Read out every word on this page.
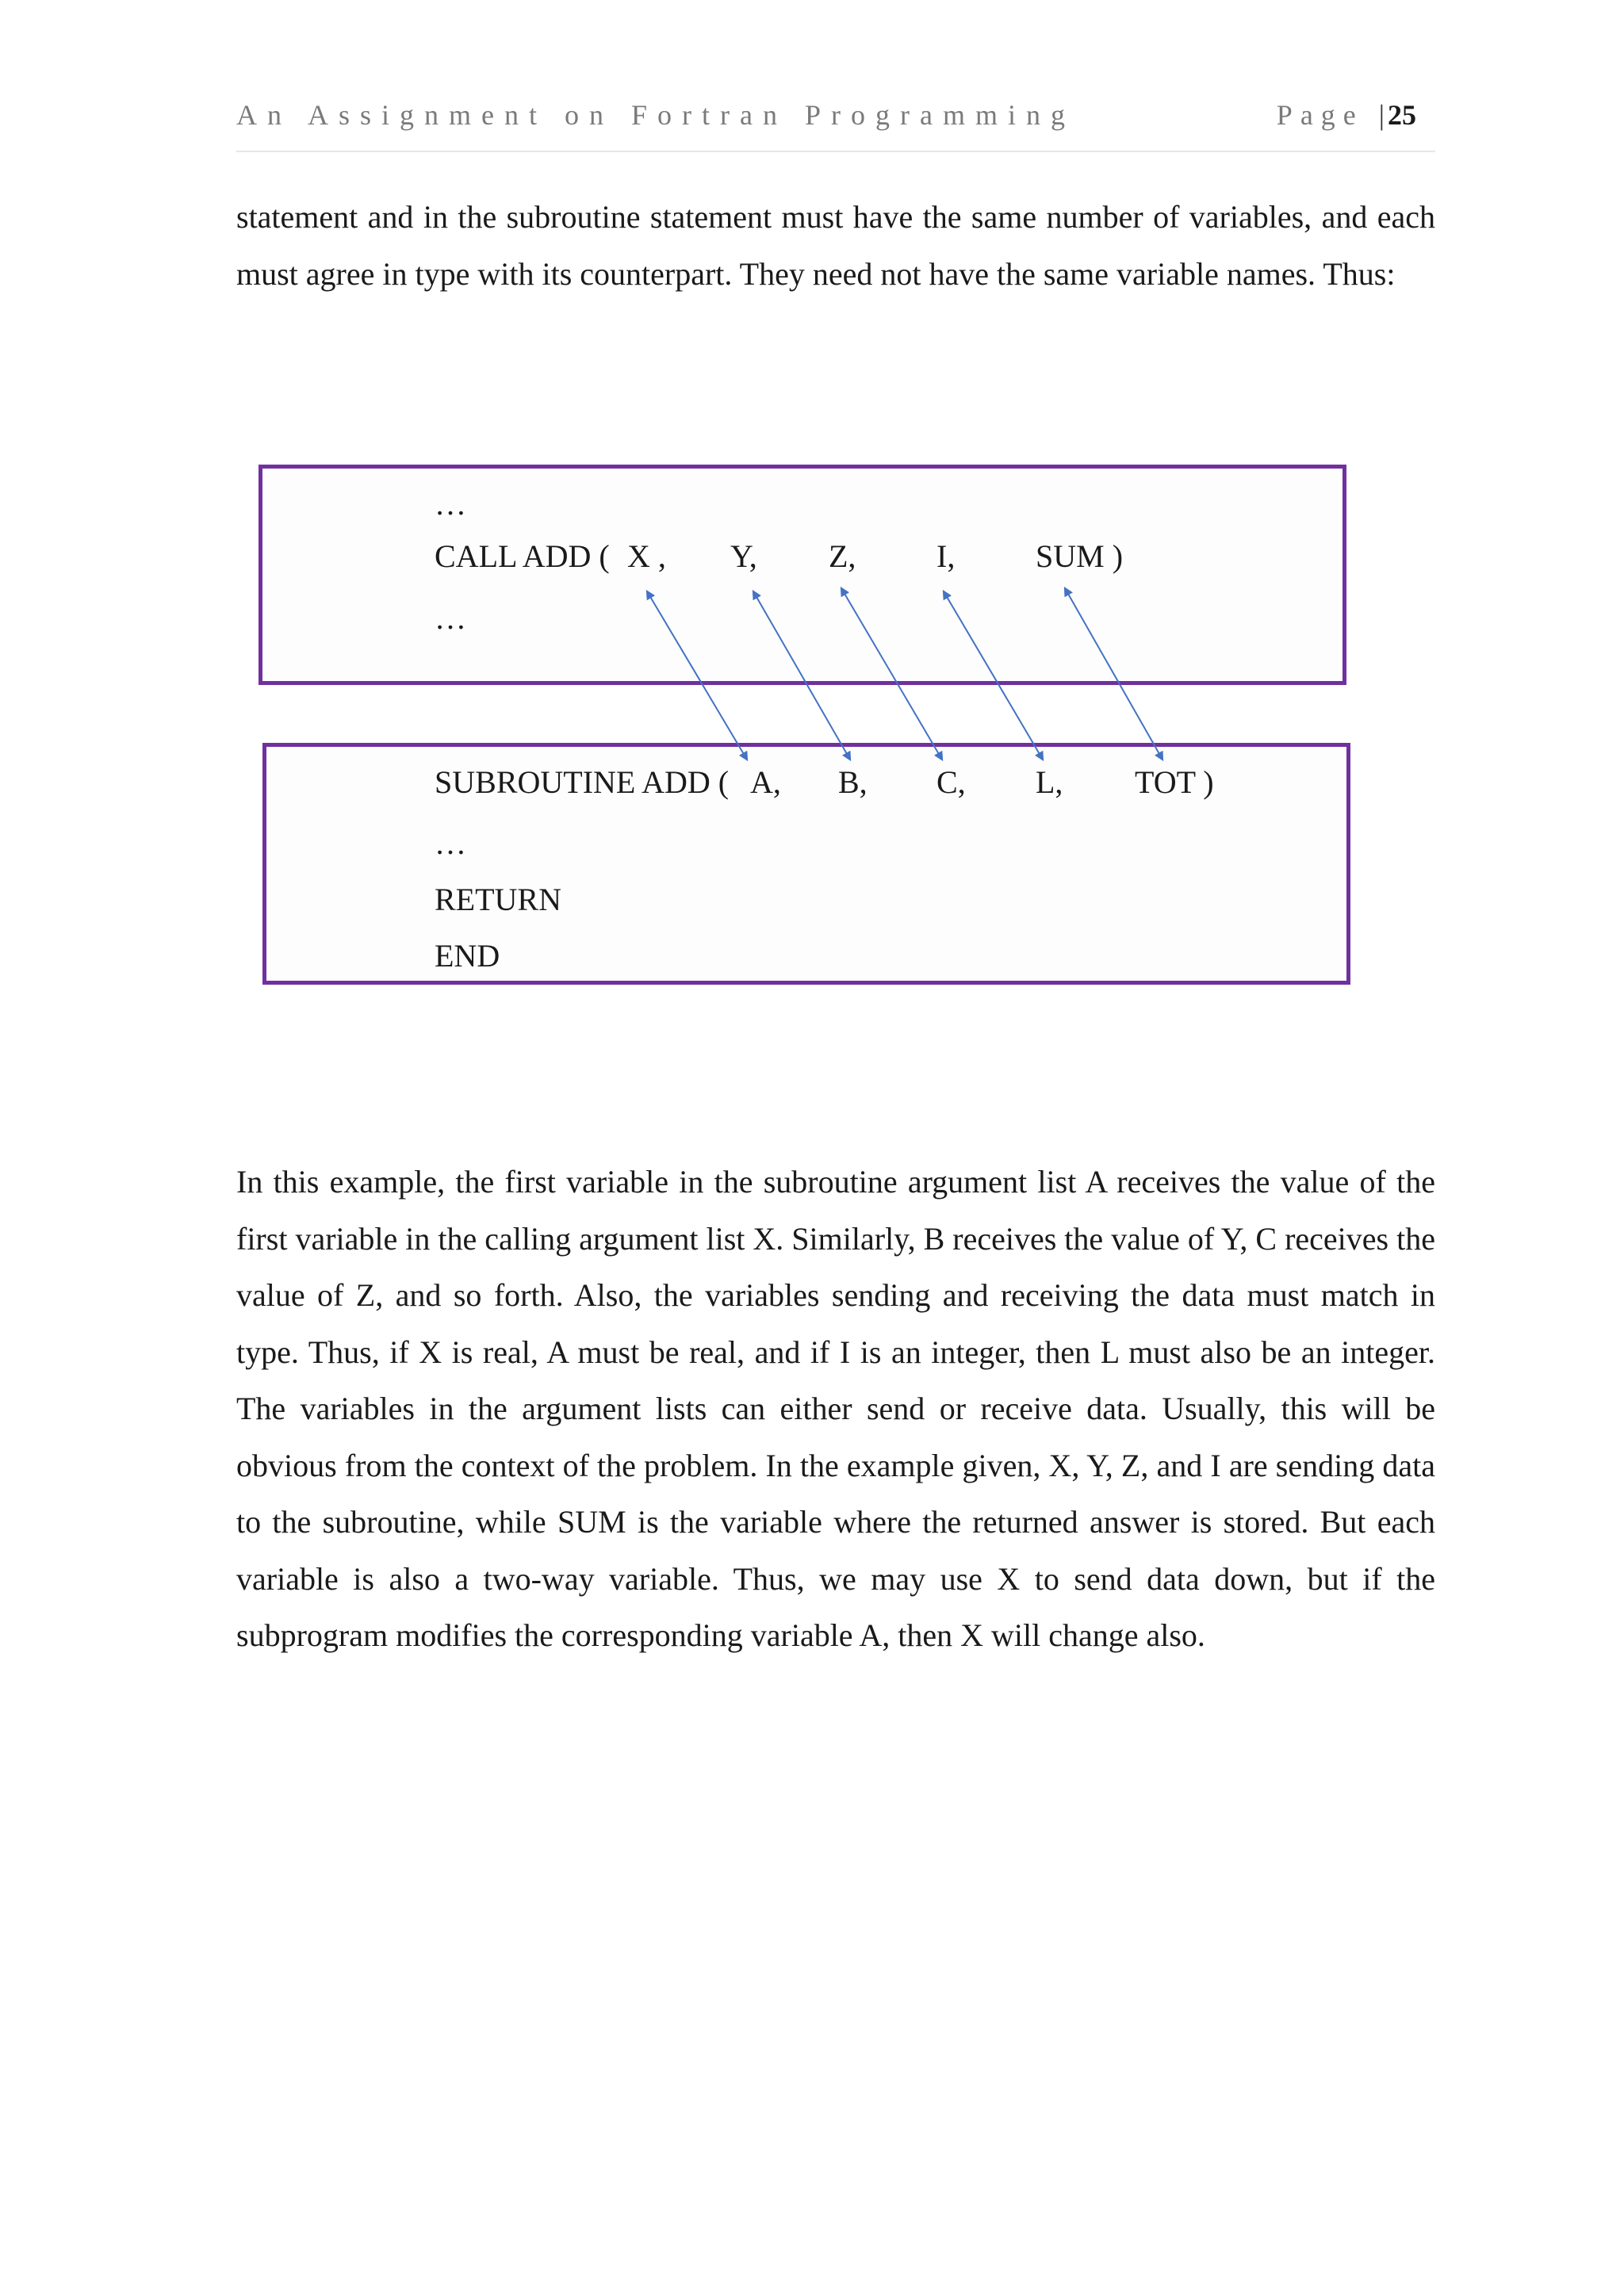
An Assignment on Fortran Programming	Page | 25

statement and in the subroutine statement must have the same number of variables, and each must agree in type with its counterpart. They need not have the same variable names. Thus:

…
CALL ADD ( X , Y, Z,	I,	SUM )
…
SUBROUTINE ADD ( A, B, C, L, TOT )
…
RETURN
END

In this example, the first variable in the subroutine argument list A receives the value of the first variable in the calling argument list X. Similarly, B receives the value of Y, C receives the value of Z, and so forth. Also, the variables sending and receiving the data must match in type. Thus, if X is real, A must be real, and if I is an integer, then L must also be an integer. The variables in the argument lists can either send or receive data. Usually, this will be obvious from the context of the problem. In the example given, X, Y, Z, and I are sending data to the subroutine, while SUM is the variable where the returned answer is stored. But each variable is also a two-way variable. Thus, we may use X to send data down, but if the subprogram modifies the corresponding variable A, then X will change also.
